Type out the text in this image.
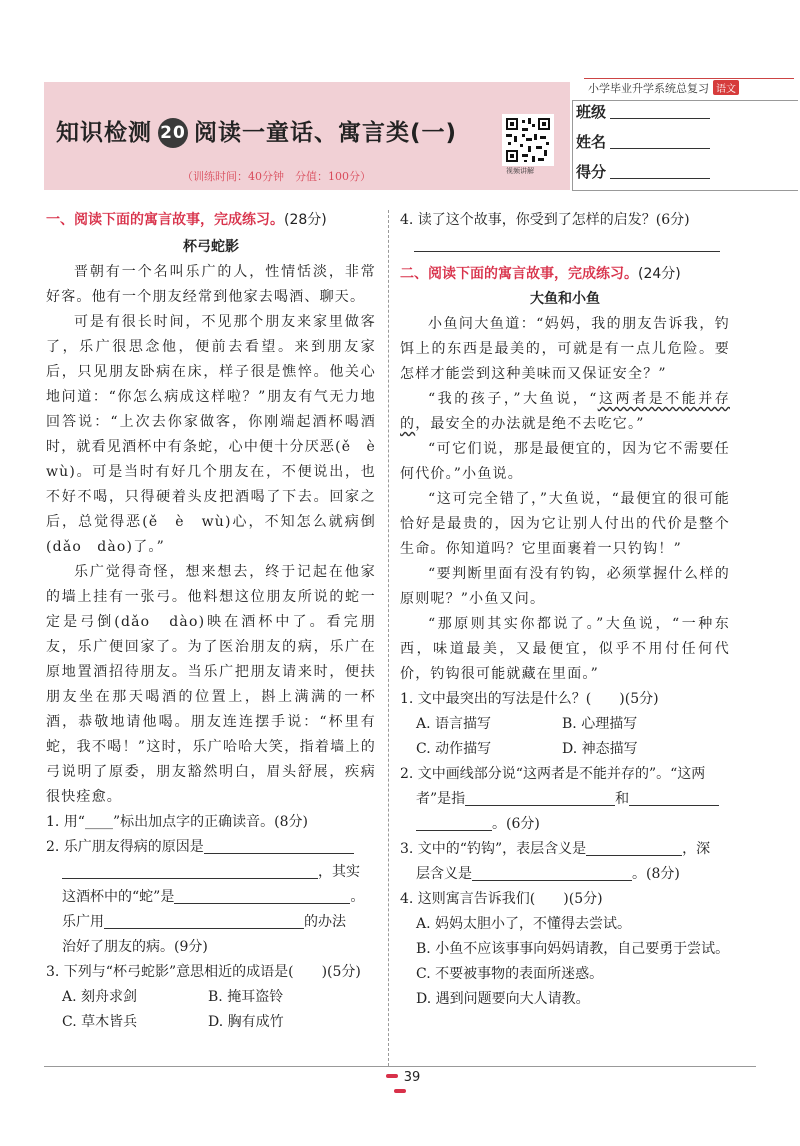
小学毕业升学系统总复习 语文
知识检测 20 阅读一童话、寓言类(一)
（训练时间：40分钟　分值：100分）	视频讲解
班级
姓名
得分

一、阅读下面的寓言故事，完成练习。(28分)

杯弓蛇影

晋朝有一个名叫乐广的人，性情恬淡，非常好客。他有一个朋友经常到他家去喝酒、聊天。

可是有很长时间，不见那个朋友来家里做客了，乐广很思念他，便前去看望。来到朋友家后，只见朋友卧病在床，样子很是憔悴。他关心地问道：“你怎么病成这样啦？”朋友有气无力地回答说：“上次去你家做客，你刚端起酒杯喝酒时，就看见酒杯中有条蛇，心中便十分厌恶(ě　è　wù)。可是当时有好几个朋友在，不便说出，也不好不喝，只得硬着头皮把酒喝了下去。回家之后，总觉得恶(ě　è　wù)心，不知怎么就病倒(dǎo　dào)了。”

乐广觉得奇怪，想来想去，终于记起在他家的墙上挂有一张弓。他料想这位朋友所说的蛇一定是弓倒(dǎo　dào)映在酒杯中了。看完朋友，乐广便回家了。为了医治朋友的病，乐广在原地置酒招待朋友。当乐广把朋友请来时，便扶朋友坐在那天喝酒的位置上，斟上满满的一杯酒，恭敬地请他喝。朋友连连摆手说：“杯里有蛇，我不喝！”这时，乐广哈哈大笑，指着墙上的弓说明了原委，朋友豁然明白，眉头舒展，疾病很快痊愈。

1. 用“____”标出加点字的正确读音。(8分)

2. 乐广朋友得病的原因是

，其实

这酒杯中的“蛇”是	。

乐广用	的办法

治好了朋友的病。(9分)

3. 下列与“杯弓蛇影”意思相近的成语是(　　)(5分)

A. 刻舟求剑	B. 掩耳盗铃
C. 草木皆兵	D. 胸有成竹

4. 读了这个故事，你受到了怎样的启发？(6分)

二、阅读下面的寓言故事，完成练习。(24分)

大鱼和小鱼

小鱼问大鱼道：“妈妈，我的朋友告诉我，钓饵上的东西是最美的，可就是有一点儿危险。要怎样才能尝到这种美味而又保证安全？”

“我的孩子，”大鱼说，“这两者是不能并存的，最安全的办法就是绝不去吃它。”

“可它们说，那是最便宜的，因为它不需要任何代价。”小鱼说。

“这可完全错了，”大鱼说，“最便宜的很可能恰好是最贵的，因为它让别人付出的代价是整个生命。你知道吗？它里面裹着一只钓钩！”

“要判断里面有没有钓钩，必须掌握什么样的原则呢？”小鱼又问。

“那原则其实你都说了。”大鱼说，“一种东西，味道最美，又最便宜，似乎不用付任何代价，钓钩很可能就藏在里面。”

1. 文中最突出的写法是什么？(　　)(5分)

A. 语言描写	B. 心理描写
C. 动作描写	D. 神态描写

2. 文中画线部分说“这两者是不能并存的”。“这两

者”是指	和

。(6分)

3. 文中的“钓钩”，表层含义是	，深

层含义是	。(8分)

4. 这则寓言告诉我们(　　)(5分)

A. 妈妈太胆小了，不懂得去尝试。

B. 小鱼不应该事事向妈妈请教，自己要勇于尝试。

C. 不要被事物的表面所迷惑。

D. 遇到问题要向大人请教。

39
